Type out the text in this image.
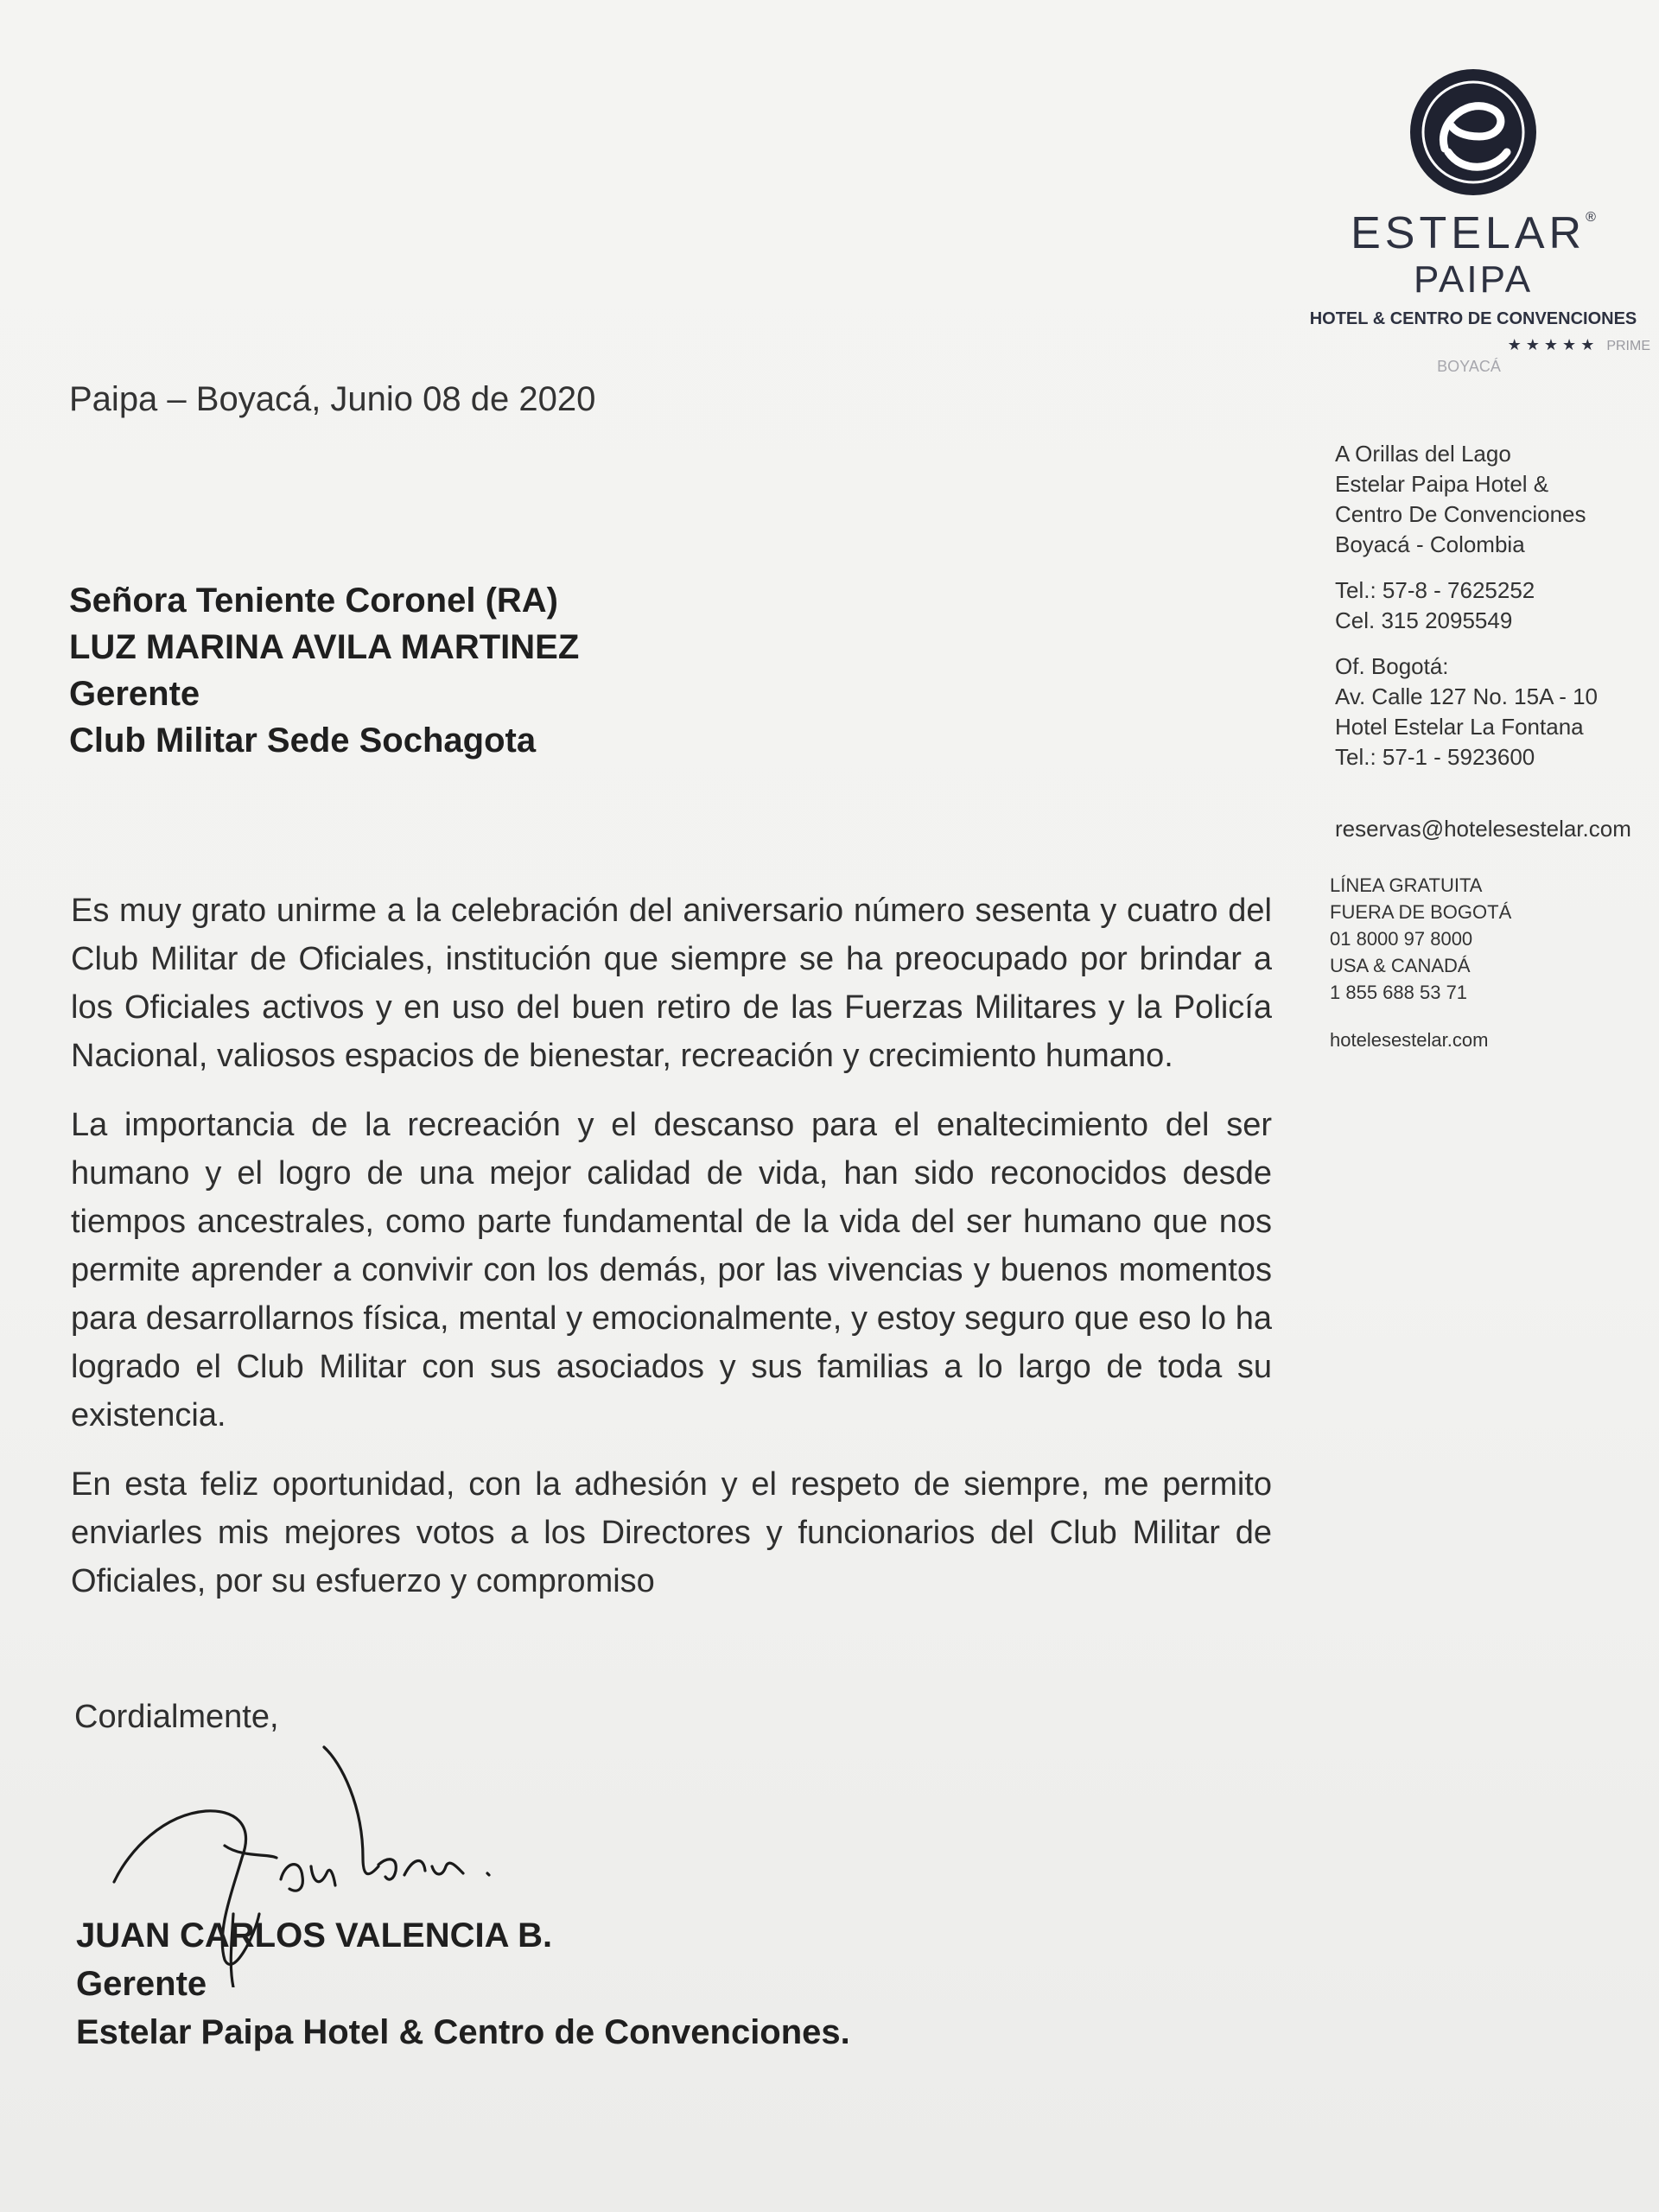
ESTELAR®
PAIPA
HOTEL & CENTRO DE CONVENCIONES
★ ★ ★ ★ ★ PRIME
BOYACÁ
A Orillas del Lago
Estelar Paipa Hotel &
Centro De Convenciones
Boyacá - Colombia
Tel.: 57-8 - 7625252
Cel. 315 2095549
Of. Bogotá:
Av. Calle 127 No. 15A - 10
Hotel Estelar La Fontana
Tel.: 57-1 - 5923600
reservas@hotelesestelar.com
LÍNEA GRATUITA
FUERA DE BOGOTÁ
01 8000 97 8000
USA & CANADÁ
1 855 688 53 71
hotelesestelar.com
Paipa – Boyacá, Junio 08 de 2020
Señora Teniente Coronel (RA)
LUZ MARINA AVILA MARTINEZ
Gerente
Club Militar Sede Sochagota

Es muy grato unirme a la celebración del aniversario número sesenta y cuatro del Club Militar de Oficiales, institución que siempre se ha preocupado por brindar a los Oficiales activos y en uso del buen retiro de las Fuerzas Militares y la Policía Nacional, valiosos espacios de bienestar, recreación y crecimiento humano.

La importancia de la recreación y el descanso para el enaltecimiento del ser humano y el logro de una mejor calidad de vida, han sido reconocidos desde tiempos ancestrales, como parte fundamental de la vida del ser humano que nos permite aprender a convivir con los demás, por las vivencias y buenos momentos para desarrollarnos física, mental y emocionalmente, y estoy seguro que eso lo ha logrado el Club Militar con sus asociados y sus familias a lo largo de toda su existencia.

En esta feliz oportunidad, con la adhesión y el respeto de siempre, me permito enviarles mis mejores votos a los Directores y funcionarios del Club Militar de Oficiales, por su esfuerzo y compromiso

Cordialmente,
JUAN CARLOS VALENCIA B.
Gerente
Estelar Paipa Hotel & Centro de Convenciones.
